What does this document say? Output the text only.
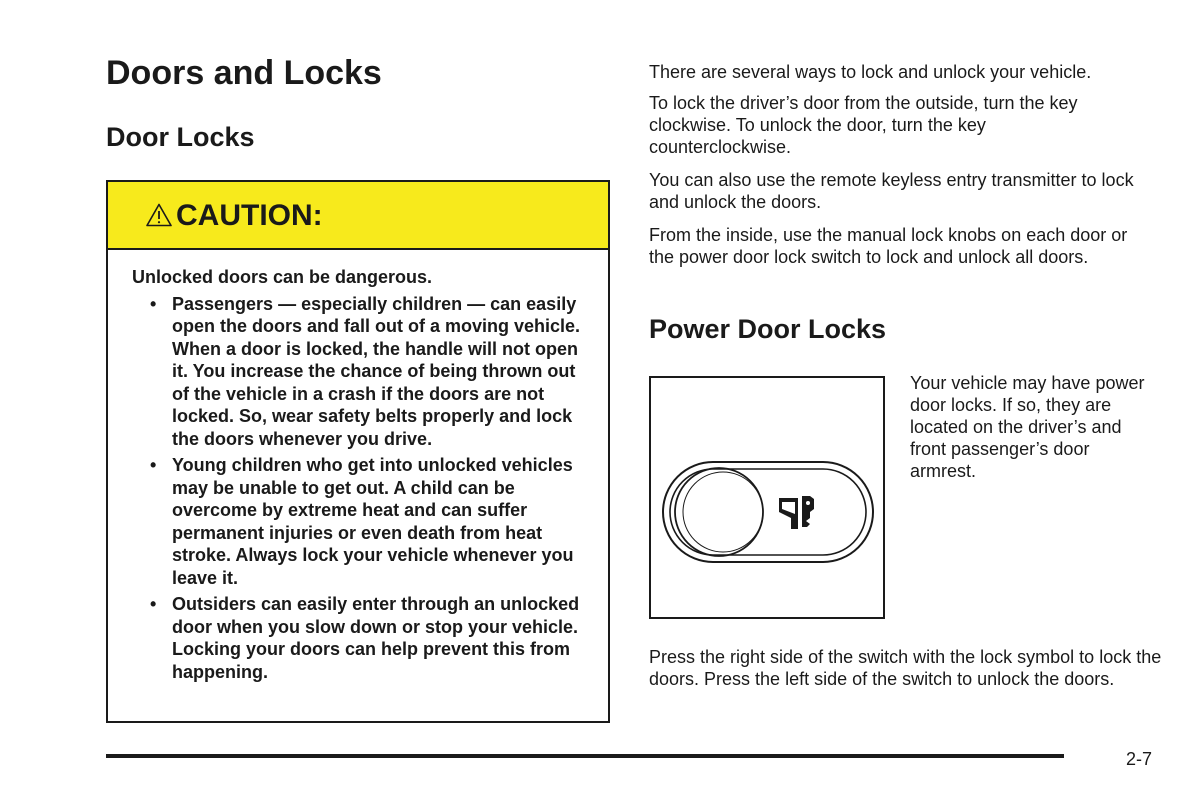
Doors and Locks
Door Locks
CAUTION:

Unlocked doors can be dangerous.

• Passengers — especially children — can easily open the doors and fall out of a moving vehicle. When a door is locked, the handle will not open it. You increase the chance of being thrown out of the vehicle in a crash if the doors are not locked. So, wear safety belts properly and lock the doors whenever you drive.
• Young children who get into unlocked vehicles may be unable to get out. A child can be overcome by extreme heat and can suffer permanent injuries or even death from heat stroke. Always lock your vehicle whenever you leave it.
• Outsiders can easily enter through an unlocked door when you slow down or stop your vehicle. Locking your doors can help prevent this from happening.

There are several ways to lock and unlock your vehicle.

To lock the driver’s door from the outside, turn the key clockwise. To unlock the door, turn the key counterclockwise.

You can also use the remote keyless entry transmitter to lock and unlock the doors.

From the inside, use the manual lock knobs on each door or the power door lock switch to lock and unlock all doors.

Power Door Locks

Your vehicle may have power door locks. If so, they are located on the driver’s and front passenger’s door armrest.

Press the right side of the switch with the lock symbol to lock the doors. Press the left side of the switch to unlock the doors.

2-7
